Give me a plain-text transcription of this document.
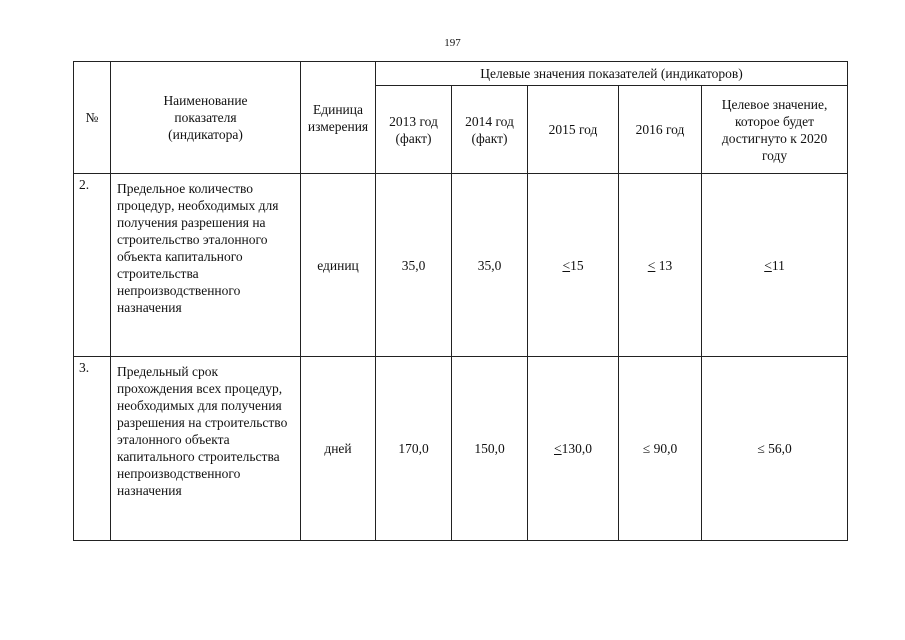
197
№	Наименование показателя (индикатора)	Единица измерения	Целевые значения показателей (индикаторов)				
			2013 год (факт)	2014 год (факт)	2015 год	2016 год	Целевое значение, которое будет достигнуто к 2020 году
2.	Предельное количество процедур, необходимых для получения разрешения на строительство эталонного объекта капитального строительства непроизводственного назначения	единиц	35,0	35,0	≤15	≤ 13	≤11
3.	Предельный срок прохождения всех процедур, необходимых для получения разрешения на строительство эталонного объекта капитального строительства непроизводственного назначения	дней	170,0	150,0	≤130,0	≤ 90,0	≤ 56,0
